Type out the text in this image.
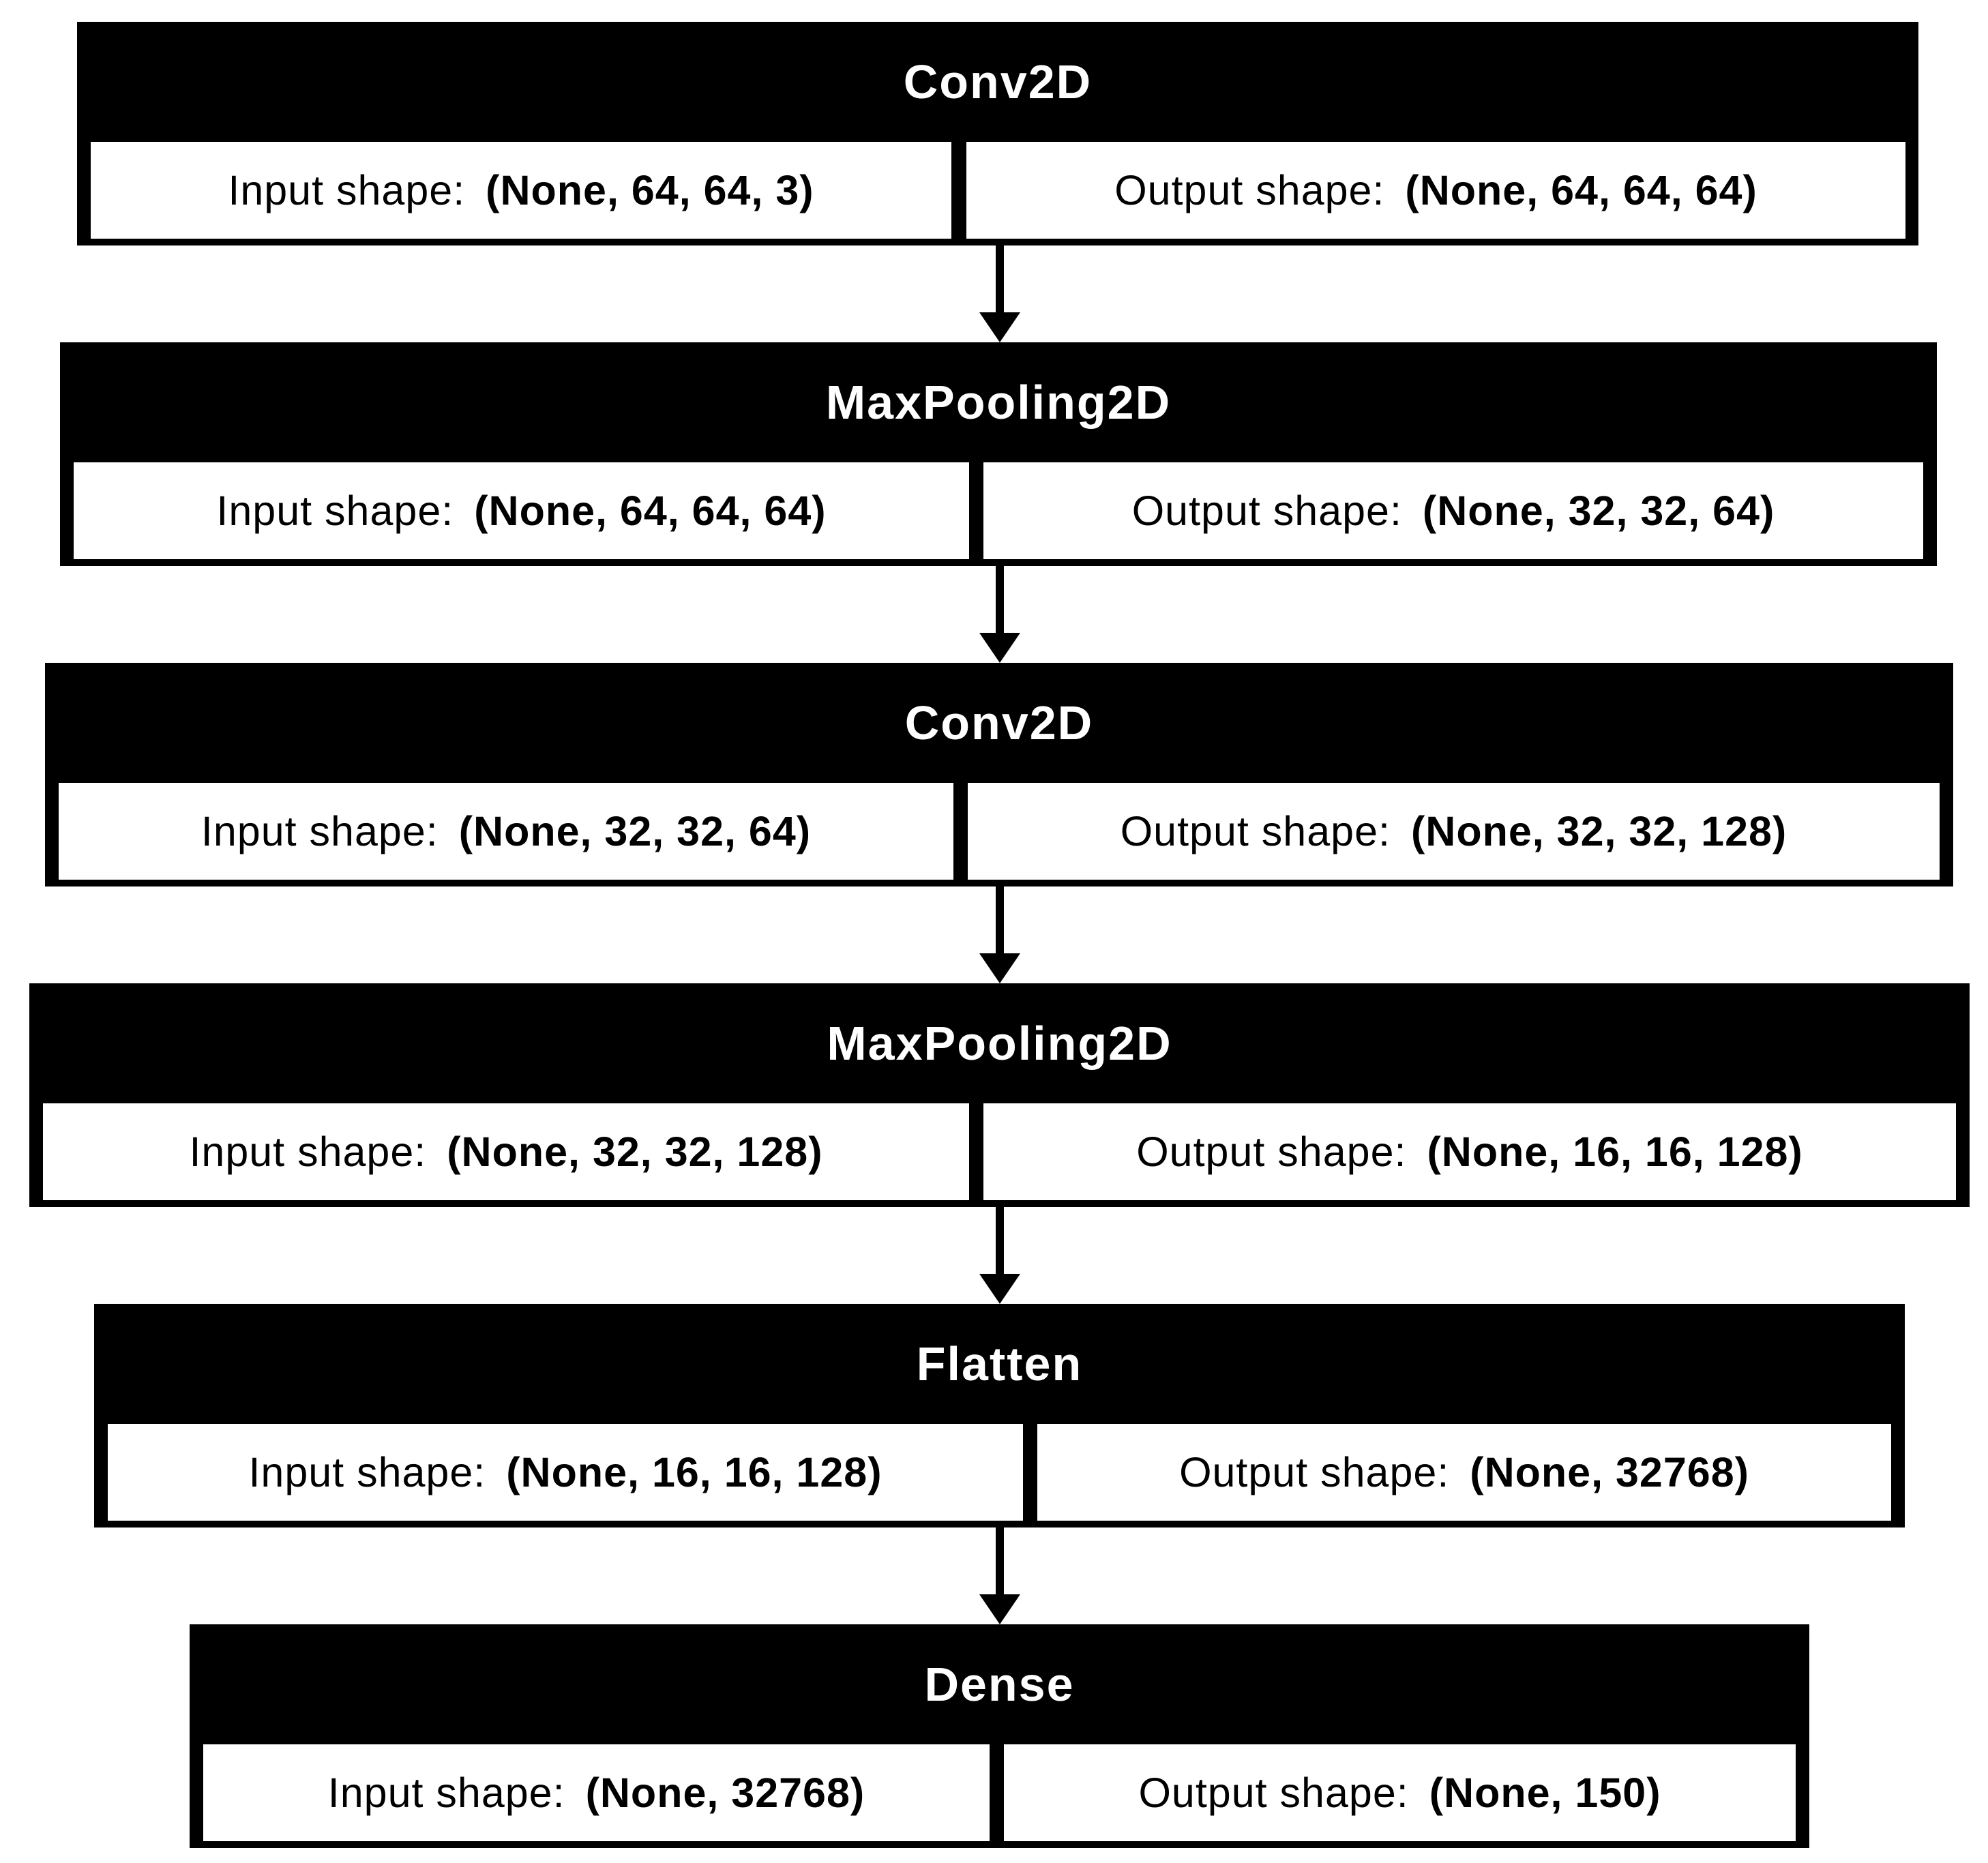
Conv2D
Input shape: (None, 64, 64, 3)	Output shape: (None, 64, 64, 64)
MaxPooling2D
Input shape: (None, 64, 64, 64)	Output shape: (None, 32, 32, 64)
Conv2D
Input shape: (None, 32, 32, 64)	Output shape: (None, 32, 32, 128)
MaxPooling2D
Input shape: (None, 32, 32, 128)	Output shape: (None, 16, 16, 128)
Flatten
Input shape: (None, 16, 16, 128)	Output shape: (None, 32768)
Dense
Input shape: (None, 32768)	Output shape: (None, 150)
